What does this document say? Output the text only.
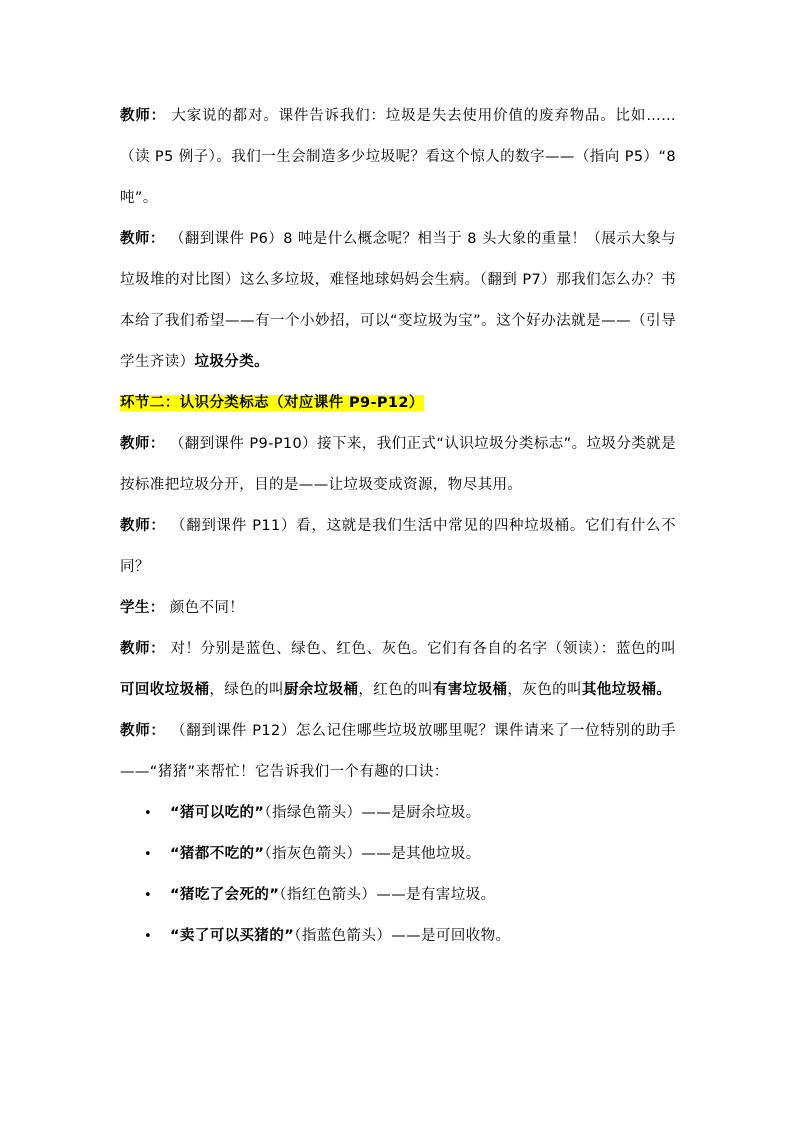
教师： 大家说的都对。课件告诉我们：垃圾是失去使用价值的废弃物品。比如……（读 P5 例子）。我们一生会制造多少垃圾呢？看这个惊人的数字——（指向 P5）“8 吨”。

教师： （翻到课件 P6）8 吨是什么概念呢？相当于 8 头大象的重量！（展示大象与垃圾堆的对比图）这么多垃圾，难怪地球妈妈会生病。（翻到 P7）那我们怎么办？书本给了我们希望——有一个小妙招，可以“变垃圾为宝”。这个好办法就是——（引导学生齐读）垃圾分类。

环节二：认识分类标志（对应课件 P9-P12）

教师： （翻到课件 P9-P10）接下来，我们正式“认识垃圾分类标志”。垃圾分类就是按标准把垃圾分开，目的是——让垃圾变成资源，物尽其用。

教师： （翻到课件 P11）看，这就是我们生活中常见的四种垃圾桶。它们有什么不同？

学生： 颜色不同！

教师： 对！分别是蓝色、绿色、红色、灰色。它们有各自的名字（领读）：蓝色的叫可回收垃圾桶，绿色的叫厨余垃圾桶，红色的叫有害垃圾桶，灰色的叫其他垃圾桶。

教师： （翻到课件 P12）怎么记住哪些垃圾放哪里呢？课件请来了一位特别的助手——“猪猪”来帮忙！它告诉我们一个有趣的口诀：

• “猪可以吃的”（指绿色箭头）——是厨余垃圾。
• “猪都不吃的”（指灰色箭头）——是其他垃圾。
• “猪吃了会死的”（指红色箭头）——是有害垃圾。
• “卖了可以买猪的”（指蓝色箭头）——是可回收物。
